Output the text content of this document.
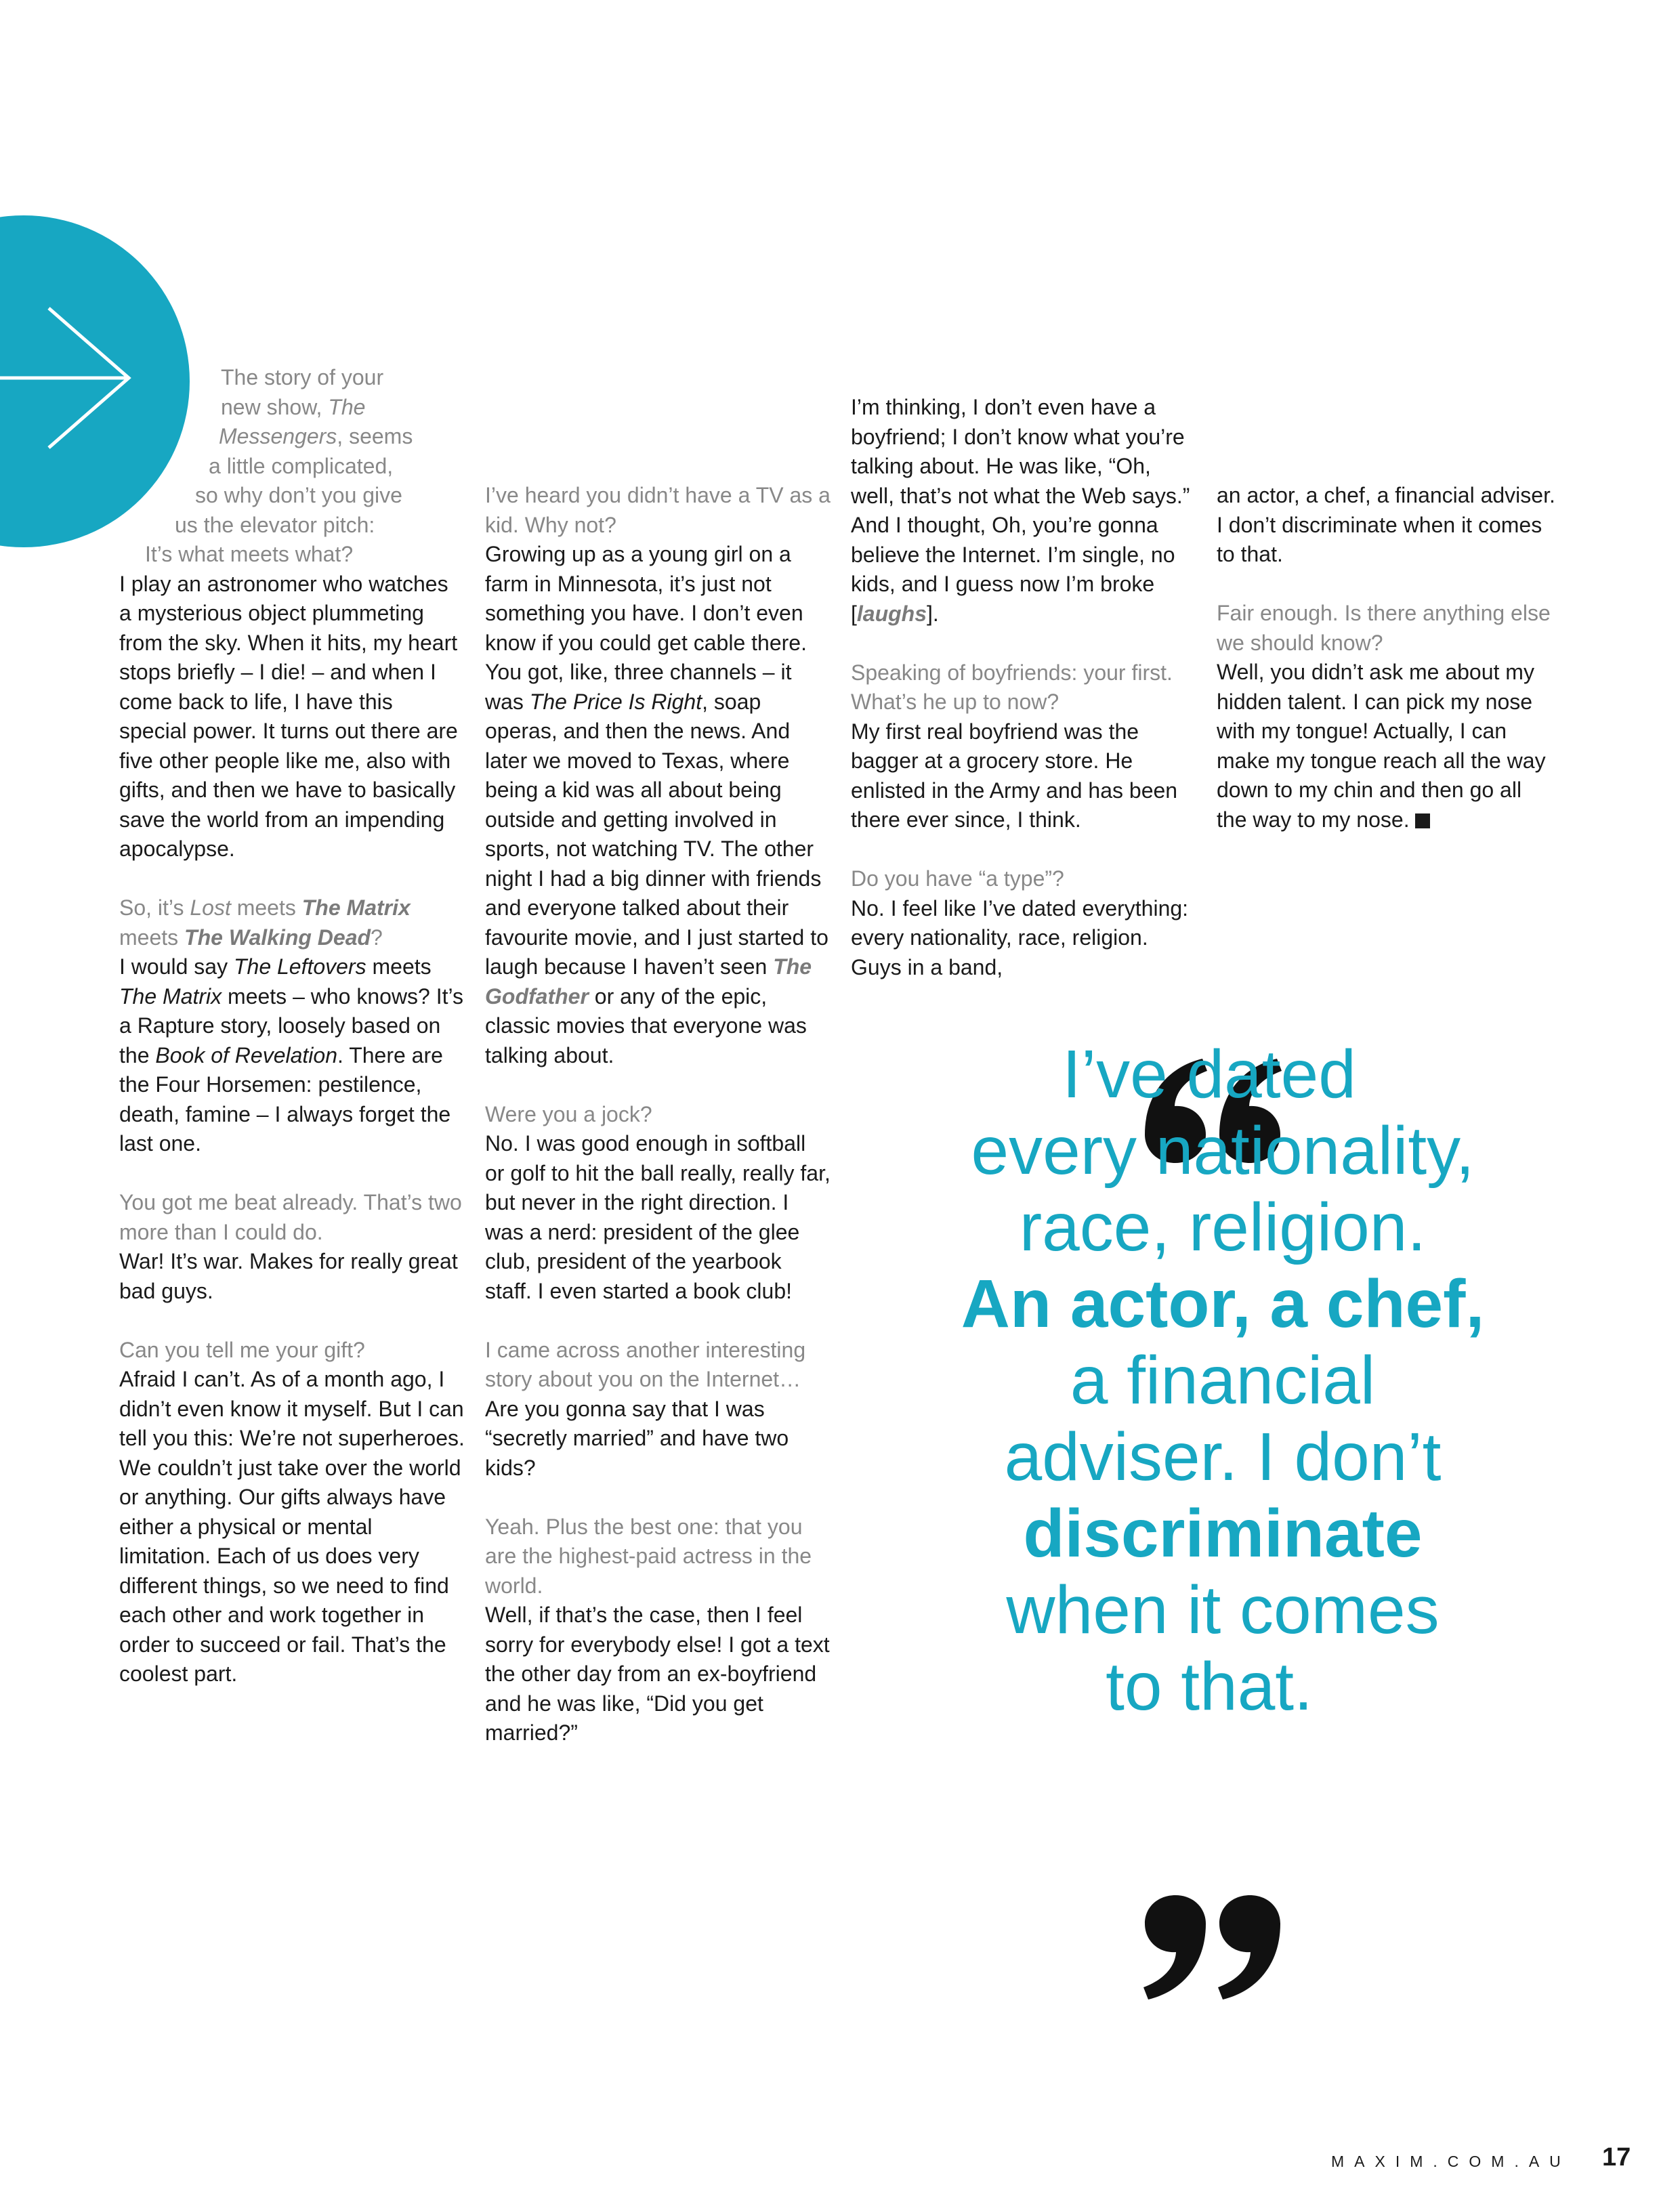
The story of your
new show, The
Messengers, seems
a little complicated,
so why don’t you give
us the elevator pitch:
It’s what meets what?

I play an astronomer who watches a mysterious object plummeting from the sky. When it hits, my heart stops briefly – I die! – and when I come back to life, I have this special power. It turns out there are five other people like me, also with gifts, and then we have to basically save the world from an impending apocalypse.

So, it’s Lost meets The Matrix meets The Walking Dead?

I would say The Leftovers meets The Matrix meets – who knows? It’s a Rapture story, loosely based on the Book of Revelation. There are the Four Horsemen: pestilence, death, famine – I always forget the last one.

You got me beat already. That’s two more than I could do.

War! It’s war. Makes for really great bad guys.

Can you tell me your gift?

Afraid I can’t. As of a month ago, I didn’t even know it myself. But I can tell you this: We’re not superheroes. We couldn’t just take over the world or anything. Our gifts always have either a physical or mental limitation. Each of us does very different things, so we need to find each other and work together in order to succeed or fail. That’s the coolest part.

I’ve heard you didn’t have a TV as a kid. Why not?

Growing up as a young girl on a farm in Minnesota, it’s just not something you have. I don’t even know if you could get cable there. You got, like, three channels – it was The Price Is Right, soap operas, and then the news. And later we moved to Texas, where being a kid was all about being outside and getting involved in sports, not watching TV. The other night I had a big dinner with friends and everyone talked about their favourite movie, and I just started to laugh because I haven’t seen The Godfather or any of the epic, classic movies that everyone was talking about.

Were you a jock?

No. I was good enough in softball or golf to hit the ball really, really far, but never in the right direction. I was a nerd: president of the glee club, president of the yearbook staff. I even started a book club!

I came across another interesting story about you on the Internet…

Are you gonna say that I was “secretly married” and have two kids?

Yeah. Plus the best one: that you are the highest-paid actress in the world.

Well, if that’s the case, then I feel sorry for everybody else! I got a text the other day from an ex-boyfriend and he was like, “Did you get married?”

I’m thinking, I don’t even have a boyfriend; I don’t know what you’re talking about. He was like, “Oh, well, that’s not what the Web says.” And I thought, Oh, you’re gonna believe the Internet. I’m single, no kids, and I guess now I’m broke [laughs].

Speaking of boyfriends: your first. What’s he up to now?

My first real boyfriend was the bagger at a grocery store. He enlisted in the Army and has been there ever since, I think.

Do you have “a type”?

No. I feel like I’ve dated everything: every nationality, race, religion. Guys in a band,

an actor, a chef, a financial adviser. I don’t discriminate when it comes to that.

Fair enough. Is there anything else we should know?

Well, you didn’t ask me about my hidden talent. I can pick my nose with my tongue! Actually, I can make my tongue reach all the way down to my chin and then go all the way to my nose.

I’ve dated
every nationality,
race, religion.
An actor, a chef,
a financial
adviser. I don’t
discriminate
when it comes
to that.
MAXIM.COM.AU 17
